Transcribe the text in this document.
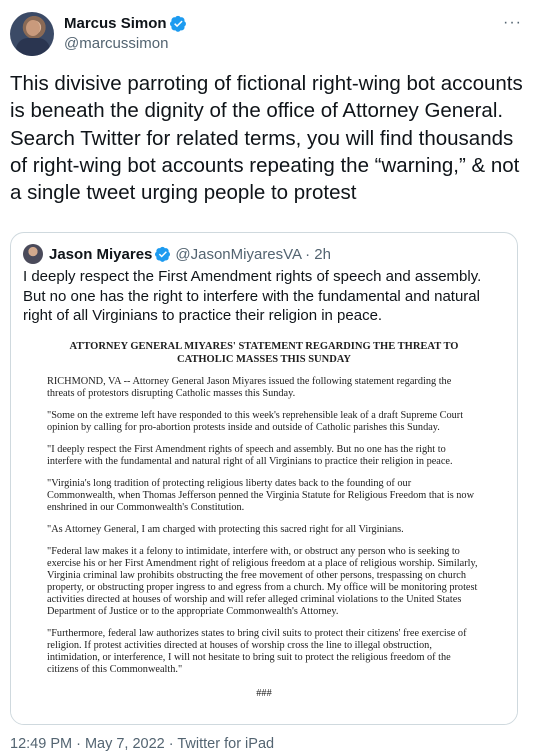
Marcus Simon
@marcussimon
···
This divisive parroting of fictional right-wing bot accounts is beneath the dignity of the office of Attorney General. Search Twitter for related terms, you will find thousands of right-wing bot accounts repeating the “warning,” & not a single tweet urging people to protest
Jason Miyares @JasonMiyaresVA · 2h
I deeply respect the First Amendment rights of speech and assembly. But no one has the right to interfere with the fundamental and natural right of all Virginians to practice their religion in peace.
ATTORNEY GENERAL MIYARES' STATEMENT REGARDING THE THREAT TO CATHOLIC MASSES THIS SUNDAY

RICHMOND, VA -- Attorney General Jason Miyares issued the following statement regarding the threats of protestors disrupting Catholic masses this Sunday.

"Some on the extreme left have responded to this week's reprehensible leak of a draft Supreme Court opinion by calling for pro-abortion protests inside and outside of Catholic parishes this Sunday.

"I deeply respect the First Amendment rights of speech and assembly. But no one has the right to interfere with the fundamental and natural right of all Virginians to practice their religion in peace.

"Virginia's long tradition of protecting religious liberty dates back to the founding of our Commonwealth, when Thomas Jefferson penned the Virginia Statute for Religious Freedom that is now enshrined in our Commonwealth's Constitution.

"As Attorney General, I am charged with protecting this sacred right for all Virginians.

"Federal law makes it a felony to intimidate, interfere with, or obstruct any person who is seeking to exercise his or her First Amendment right of religious freedom at a place of religious worship. Similarly, Virginia criminal law prohibits obstructing the free movement of other persons, trespassing on church property, or obstructing proper ingress to and egress from a church. My office will be monitoring protest activities directed at houses of worship and will refer alleged criminal violations to the United States Department of Justice or to the appropriate Commonwealth's Attorney.

"Furthermore, federal law authorizes states to bring civil suits to protect their citizens' free exercise of religion. If protest activities directed at houses of worship cross the line to illegal obstruction, intimidation, or interference, I will not hesitate to bring suit to protect the religious freedom of the citizens of this Commonwealth."

###
12:49 PM · May 7, 2022 · Twitter for iPad
